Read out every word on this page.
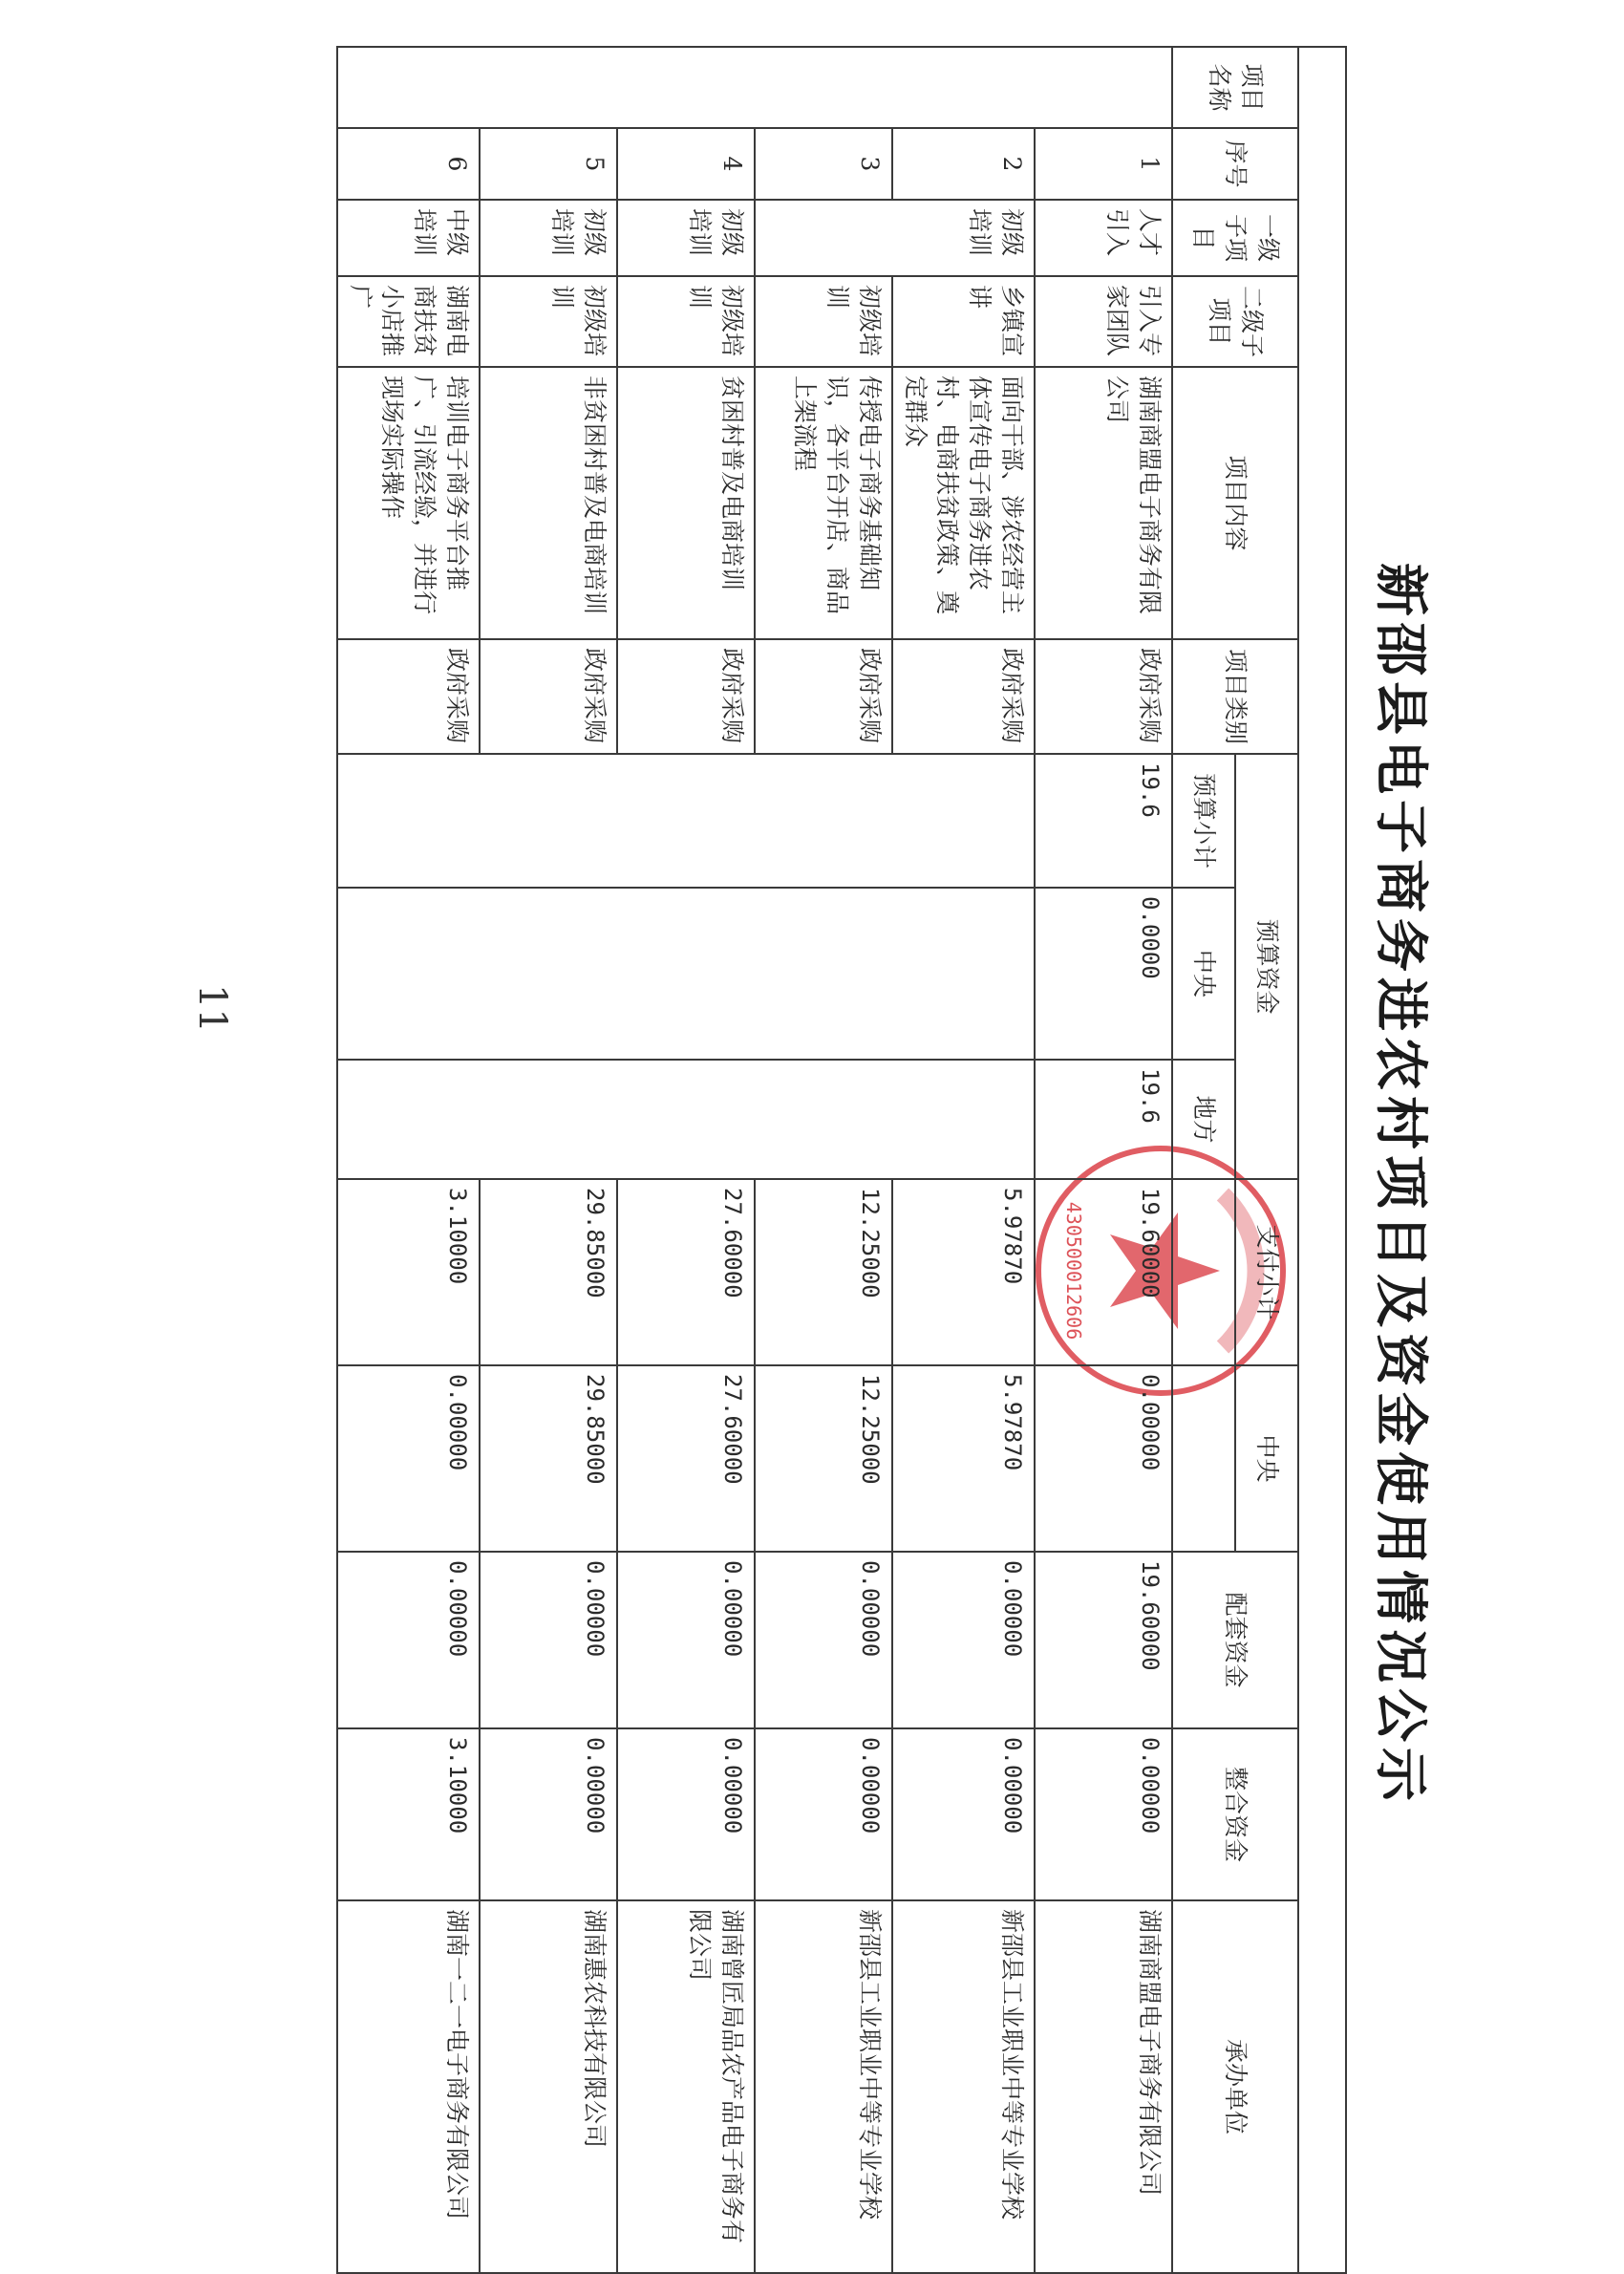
新邵县电子商务进农村项目及资金使用情况公示
430500012606

项目名称	序号	一级子项目	二级子项目	项目内容	项目类别	预算资金			支付小计	中央	配套资金	整合资金	承办单位
						预算小计	中央	地方					
	1	人才引入	引入专家团队	湖南商盟电子商务有限公司	政府采购	19.6	0.0000	19.6	19.60000	0.00000	19.60000	0.00000	湖南商盟电子商务有限公司
	2	初级培训	乡镇宣讲	面向干部、涉农经营主体宣传电子商务进农村、电商扶贫政策、奠定群众	政府采购				5.97870	5.97870	0.00000	0.00000	新邵县工业职业中等专业学校
	3		初级培训	传授电子商务基础知识，各平台开店、商品上架流程	政府采购				12.25000	12.25000	0.00000	0.00000	新邵县工业职业中等专业学校
	4	初级培训	初级培训	贫困村普及电商培训	政府采购				27.60000	27.60000	0.00000	0.00000	湖南曾匠局品农产品电子商务有限公司
	5	初级培训	初级培训	非贫困村普及电商培训	政府采购				29.85000	29.85000	0.00000	0.00000	湖南惠农科技有限公司
	6	中级培训	湖南电商扶贫小店推广	培训电子商务平台推广、引流经验，并进行现场实际操作	政府采购				3.10000	0.00000	0.00000	3.10000	湖南一二一电子商务有限公司
11
